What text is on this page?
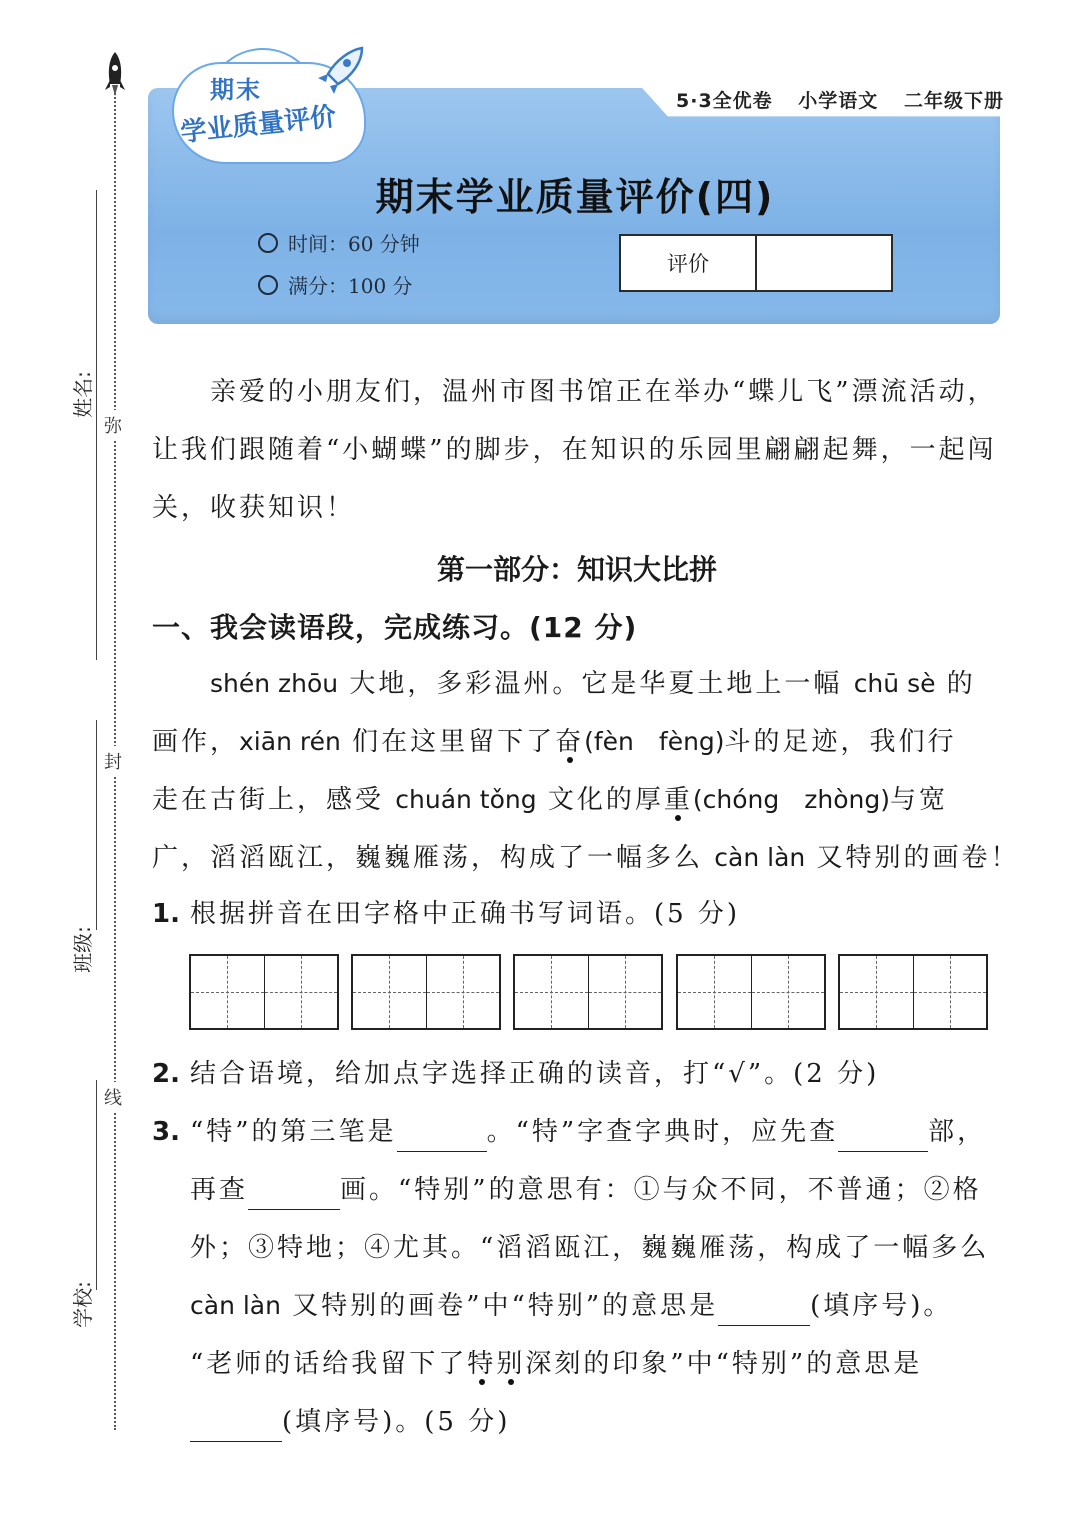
弥
封
线
学校:
班级:
姓名:
5·3全优卷 小学语文 二年级下册
期末
学业质量评价
期末学业质量评价(四)
时间：60 分钟
满分：100 分
评价
亲爱的小朋友们，温州市图书馆正在举办“蝶儿飞”漂流活动，
让我们跟随着“小蝴蝶”的脚步，在知识的乐园里翩翩起舞，一起闯
关，收获知识！
第一部分：知识大比拼
一、我会读语段，完成练习。(12 分)
shén zhōu 大地，多彩温州。它是华夏土地上一幅 chū sè 的
画作，xiān rén 们在这里留下了奋(fèn　fèng)斗的足迹，我们行
走在古街上，感受 chuán tǒng 文化的厚重(chóng　zhòng)与宽
广，滔滔瓯江，巍巍雁荡，构成了一幅多么 càn làn 又特别的画卷！
1. 根据拼音在田字格中正确书写词语。(5 分)
2. 结合语境，给加点字选择正确的读音，打“√”。(2 分)
3. “特”的第三笔是	。“特”字查字典时，应先查	部，
再查	画。“特别”的意思有：①与众不同，不普通；②格
外；③特地；④尤其。“滔滔瓯江，巍巍雁荡，构成了一幅多么
càn làn 又特别的画卷”中“特别”的意思是	(填序号)。
“老师的话给我留下了特别深刻的印象”中“特别”的意思是
(填序号)。(5 分)
